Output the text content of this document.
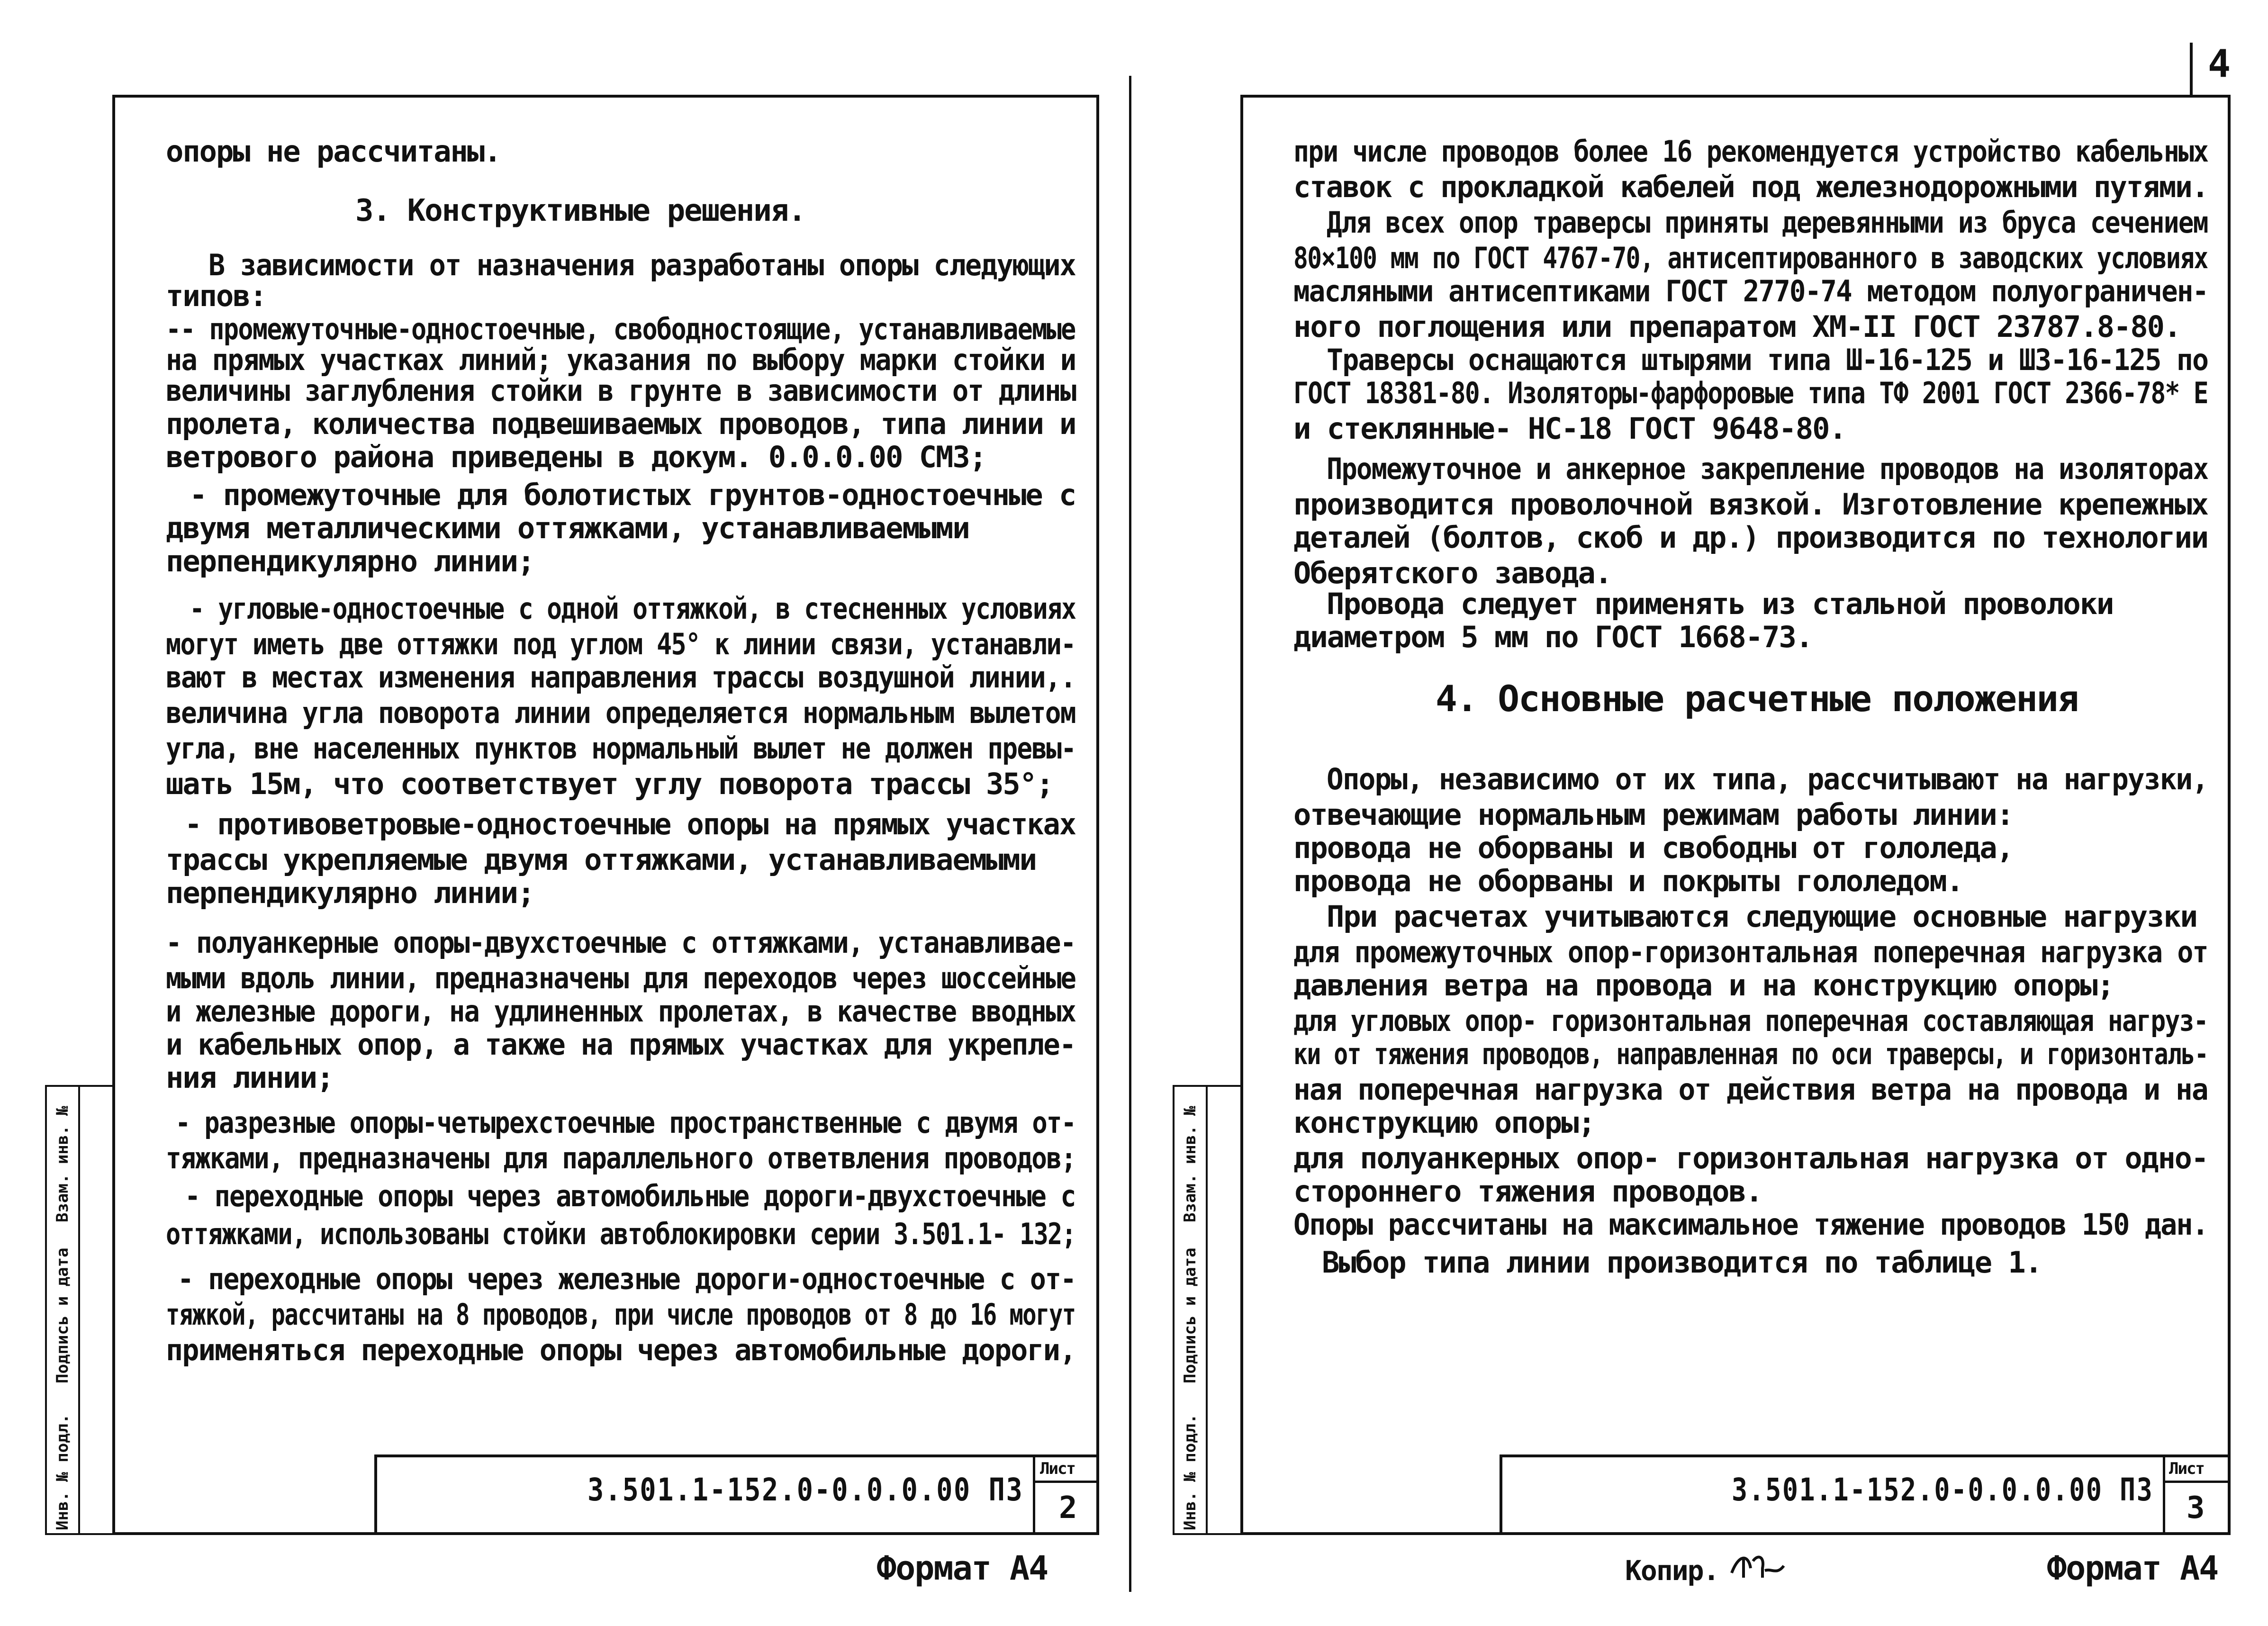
4
Инв. № подл.
Подпись и дата
Взам. инв. №
опоры не рассчитаны.
3. Конструктивные решения.
В зависимости от назначения разработаны опоры следующих
типов:
-- промежуточные-одностоечные, свободностоящие, устанавливаемые
на прямых участках линий; указания по выбору марки стойки и
величины заглубления стойки в грунте в зависимости от длины
пролета, количества подвешиваемых проводов, типа линии и
ветрового района приведены в докум. 0.0.0.00 СМЗ;
- промежуточные для болотистых грунтов-одностоечные с
двумя металлическими оттяжками, устанавливаемыми
перпендикулярно линии;
- угловые-одностоечные с одной оттяжкой, в стесненных условиях
могут иметь две оттяжки под углом 45° к линии связи, устанавли-
вают в местах изменения направления трассы воздушной линии,.
величина угла поворота линии определяется нормальным вылетом
угла, вне населенных пунктов нормальный вылет не должен превы-
шать 15м, что соответствует углу поворота трассы 35°;
- противоветровые-одностоечные опоры на прямых участках
трассы укрепляемые двумя оттяжками, устанавливаемыми
перпендикулярно линии;
- полуанкерные опоры-двухстоечные с оттяжками, устанавливае-
мыми вдоль линии, предназначены для переходов через шоссейные
и железные дороги, на удлиненных пролетах, в качестве вводных
и кабельных опор, а также на прямых участках для укрепле-
ния линии;
- разрезные опоры-четырехстоечные пространственные с двумя от-
тяжками, предназначены для параллельного ответвления проводов;
- переходные опоры через автомобильные дороги-двухстоечные с
оттяжками, использованы стойки автоблокировки серии 3.501.1- 132;
- переходные опоры через железные дороги-одностоечные с от-
тяжкой, рассчитаны на 8 проводов, при числе проводов от 8 до 16 могут
применяться переходные опоры через автомобильные дороги,
3.501.1-152.0-0.0.0.00 ПЗ
Лист
2
Формат А4
Инв. № подл.
Подпись и дата
Взам. инв. №
при числе проводов более 16 рекомендуется устройство кабельных
ставок с прокладкой кабелей под железнодорожными путями.
Для всех опор траверсы приняты деревянными из бруса сечением
80×100 мм по ГОСТ 4767-70, антисептированного в заводских условиях
масляными антисептиками ГОСТ 2770-74 методом полуограничен-
ного поглощения или препаратом ХМ-II ГОСТ 23787.8-80.
Траверсы оснащаются штырями типа Ш-16-125 и ШЗ-16-125 по
ГОСТ 18381-80. Изоляторы-фарфоровые типа ТФ 2001 ГОСТ 2366-78* Е
и стеклянные- НС-18 ГОСТ 9648-80.
Промежуточное и анкерное закрепление проводов на изоляторах
производится проволочной вязкой. Изготовление крепежных
деталей (болтов, скоб и др.) производится по технологии
Оберятского завода.
Провода следует применять из стальной проволоки
диаметром 5 мм по ГОСТ 1668-73.
4. Основные расчетные положения
Опоры, независимо от их типа, рассчитывают на нагрузки,
отвечающие нормальным режимам работы линии:
провода не оборваны и свободны от гололеда,
провода не оборваны и покрыты гололедом.
При расчетах учитываются следующие основные нагрузки
для промежуточных опор-горизонтальная поперечная нагрузка от
давления ветра на провода и на конструкцию опоры;
для угловых опор- горизонтальная поперечная составляющая нагруз-
ки от тяжения проводов, направленная по оси траверсы, и горизонталь-
ная поперечная нагрузка от действия ветра на провода и на
конструкцию опоры;
для полуанкерных опор- горизонтальная нагрузка от одно-
стороннего тяжения проводов.
Опоры рассчитаны на максимальное тяжение проводов 150 дан.
Выбор типа линии производится по таблице 1.
3.501.1-152.0-0.0.0.00 ПЗ
Лист
3
Копир.	Формат А4
